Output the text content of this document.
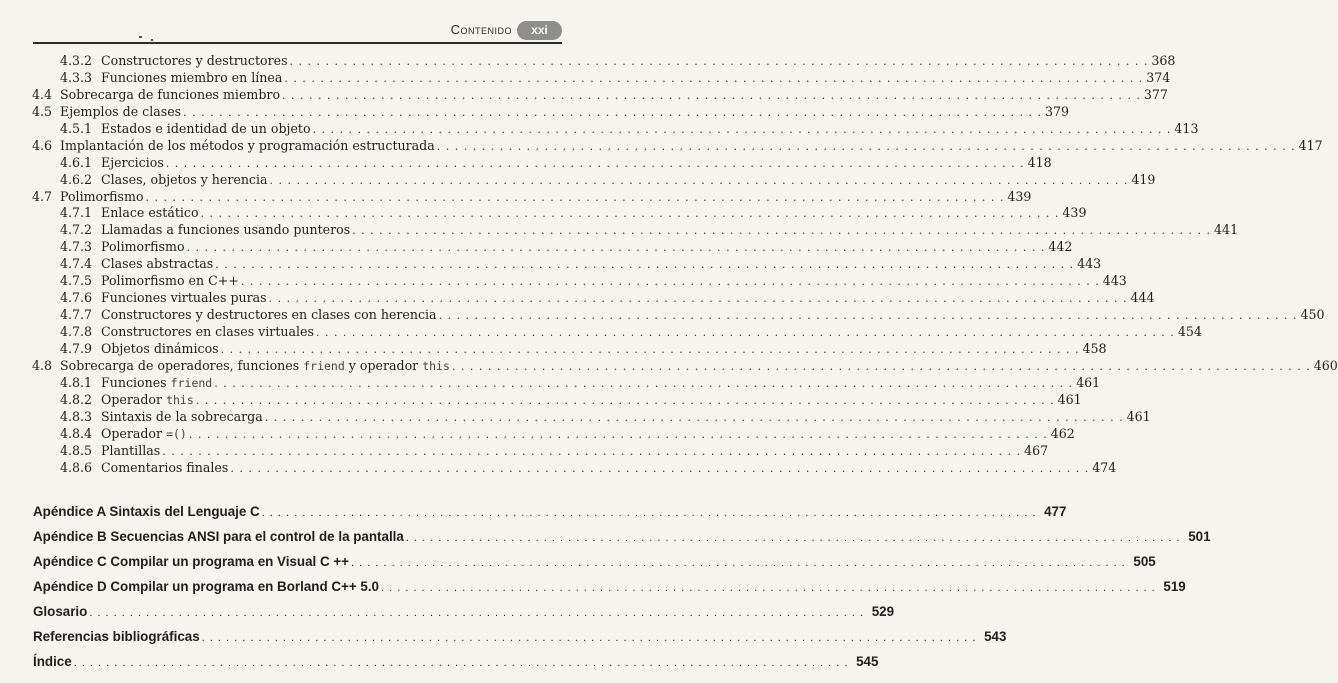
Contenido	xxi
4.3.2 Constructores y destructores . . . . . . . . . . . . . . . . . . . . . . . . . . . . . . . . . . . . . . . . . . . . . . . . . . . . . . . . . . . . . . . . . . . . . . . . . . . . . . . . . . . . . . . . . . . . . . . . 368
4.3.3 Funciones miembro en línea . . . . . . . . . . . . . . . . . . . . . . . . . . . . . . . . . . . . . . . . . . . . . . . . . . . . . . . . . . . . . . . . . . . . . . . . . . . . . . . . . . . . . . . . . . . . . . . . 374
4.4 Sobrecarga de funciones miembro . . . . . . . . . . . . . . . . . . . . . . . . . . . . . . . . . . . . . . . . . . . . . . . . . . . . . . . . . . . . . . . . . . . . . . . . . . . . . . . . . . . . . . . . . . . . . . . . 377
4.5 Ejemplos de clases . . . . . . . . . . . . . . . . . . . . . . . . . . . . . . . . . . . . . . . . . . . . . . . . . . . . . . . . . . . . . . . . . . . . . . . . . . . . . . . . . . . . . . . . . . . . . . . . 379
4.5.1 Estados e identidad de un objeto . . . . . . . . . . . . . . . . . . . . . . . . . . . . . . . . . . . . . . . . . . . . . . . . . . . . . . . . . . . . . . . . . . . . . . . . . . . . . . . . . . . . . . . . . . . . . . . . 413
4.6 Implantación de los métodos y programación estructurada . . . . . . . . . . . . . . . . . . . . . . . . . . . . . . . . . . . . . . . . . . . . . . . . . . . . . . . . . . . . . . . . . . . . . . . . . . . . . . . . . . . . . . . . . . . . . . . . 417
4.6.1 Ejercicios . . . . . . . . . . . . . . . . . . . . . . . . . . . . . . . . . . . . . . . . . . . . . . . . . . . . . . . . . . . . . . . . . . . . . . . . . . . . . . . . . . . . . . . . . . . . . . . . 418
4.6.2 Clases, objetos y herencia . . . . . . . . . . . . . . . . . . . . . . . . . . . . . . . . . . . . . . . . . . . . . . . . . . . . . . . . . . . . . . . . . . . . . . . . . . . . . . . . . . . . . . . . . . . . . . . . 419
4.7 Polimorfismo . . . . . . . . . . . . . . . . . . . . . . . . . . . . . . . . . . . . . . . . . . . . . . . . . . . . . . . . . . . . . . . . . . . . . . . . . . . . . . . . . . . . . . . . . . . . . . . . 439
4.7.1 Enlace estático . . . . . . . . . . . . . . . . . . . . . . . . . . . . . . . . . . . . . . . . . . . . . . . . . . . . . . . . . . . . . . . . . . . . . . . . . . . . . . . . . . . . . . . . . . . . . . . . 439
4.7.2 Llamadas a funciones usando punteros . . . . . . . . . . . . . . . . . . . . . . . . . . . . . . . . . . . . . . . . . . . . . . . . . . . . . . . . . . . . . . . . . . . . . . . . . . . . . . . . . . . . . . . . . . . . . . . . 441
4.7.3 Polimorfismo . . . . . . . . . . . . . . . . . . . . . . . . . . . . . . . . . . . . . . . . . . . . . . . . . . . . . . . . . . . . . . . . . . . . . . . . . . . . . . . . . . . . . . . . . . . . . . . . 442
4.7.4 Clases abstractas . . . . . . . . . . . . . . . . . . . . . . . . . . . . . . . . . . . . . . . . . . . . . . . . . . . . . . . . . . . . . . . . . . . . . . . . . . . . . . . . . . . . . . . . . . . . . . . . 443
4.7.5 Polimorfismo en C++ . . . . . . . . . . . . . . . . . . . . . . . . . . . . . . . . . . . . . . . . . . . . . . . . . . . . . . . . . . . . . . . . . . . . . . . . . . . . . . . . . . . . . . . . . . . . . . . . 443
4.7.6 Funciones virtuales puras . . . . . . . . . . . . . . . . . . . . . . . . . . . . . . . . . . . . . . . . . . . . . . . . . . . . . . . . . . . . . . . . . . . . . . . . . . . . . . . . . . . . . . . . . . . . . . . . 444
4.7.7 Constructores y destructores en clases con herencia . . . . . . . . . . . . . . . . . . . . . . . . . . . . . . . . . . . . . . . . . . . . . . . . . . . . . . . . . . . . . . . . . . . . . . . . . . . . . . . . . . . . . . . . . . . . . . . . 450
4.7.8 Constructores en clases virtuales . . . . . . . . . . . . . . . . . . . . . . . . . . . . . . . . . . . . . . . . . . . . . . . . . . . . . . . . . . . . . . . . . . . . . . . . . . . . . . . . . . . . . . . . . . . . . . . . 454
4.7.9 Objetos dinámicos . . . . . . . . . . . . . . . . . . . . . . . . . . . . . . . . . . . . . . . . . . . . . . . . . . . . . . . . . . . . . . . . . . . . . . . . . . . . . . . . . . . . . . . . . . . . . . . . 458
4.8 Sobrecarga de operadores, funciones friend y operador this . . . . . . . . . . . . . . . . . . . . . . . . . . . . . . . . . . . . . . . . . . . . . . . . . . . . . . . . . . . . . . . . . . . . . . . . . . . . . . . . . . . . . . . . . . . . . . . . 460
4.8.1 Funciones friend . . . . . . . . . . . . . . . . . . . . . . . . . . . . . . . . . . . . . . . . . . . . . . . . . . . . . . . . . . . . . . . . . . . . . . . . . . . . . . . . . . . . . . . . . . . . . . . . 461
4.8.2 Operador this . . . . . . . . . . . . . . . . . . . . . . . . . . . . . . . . . . . . . . . . . . . . . . . . . . . . . . . . . . . . . . . . . . . . . . . . . . . . . . . . . . . . . . . . . . . . . . . . 461
4.8.3 Sintaxis de la sobrecarga . . . . . . . . . . . . . . . . . . . . . . . . . . . . . . . . . . . . . . . . . . . . . . . . . . . . . . . . . . . . . . . . . . . . . . . . . . . . . . . . . . . . . . . . . . . . . . . . 461
4.8.4 Operador =() . . . . . . . . . . . . . . . . . . . . . . . . . . . . . . . . . . . . . . . . . . . . . . . . . . . . . . . . . . . . . . . . . . . . . . . . . . . . . . . . . . . . . . . . . . . . . . . . 462
4.8.5 Plantillas . . . . . . . . . . . . . . . . . . . . . . . . . . . . . . . . . . . . . . . . . . . . . . . . . . . . . . . . . . . . . . . . . . . . . . . . . . . . . . . . . . . . . . . . . . . . . . . . 467
4.8.6 Comentarios finales . . . . . . . . . . . . . . . . . . . . . . . . . . . . . . . . . . . . . . . . . . . . . . . . . . . . . . . . . . . . . . . . . . . . . . . . . . . . . . . . . . . . . . . . . . . . . . . . 474
Apéndice A Sintaxis del Lenguaje C . . . . . . . . . . . . . . . . . . . . . . . . . . . . . . . . . . . . . . . . . . . . . . . . . . . . . . . . . . . . . . . . . . . . . . . . . . . . . . . . . . . . . . . . . . . . . . . . 477
Apéndice B Secuencias ANSI para el control de la pantalla . . . . . . . . . . . . . . . . . . . . . . . . . . . . . . . . . . . . . . . . . . . . . . . . . . . . . . . . . . . . . . . . . . . . . . . . . . . . . . . . . . . . . . . . . . . . . . . . 501
Apéndice C Compilar un programa en Visual C ++ . . . . . . . . . . . . . . . . . . . . . . . . . . . . . . . . . . . . . . . . . . . . . . . . . . . . . . . . . . . . . . . . . . . . . . . . . . . . . . . . . . . . . . . . . . . . . . . . 505
Apéndice D Compilar un programa en Borland C++ 5.0 . . . . . . . . . . . . . . . . . . . . . . . . . . . . . . . . . . . . . . . . . . . . . . . . . . . . . . . . . . . . . . . . . . . . . . . . . . . . . . . . . . . . . . . . . . . . . . . . 519
Glosario . . . . . . . . . . . . . . . . . . . . . . . . . . . . . . . . . . . . . . . . . . . . . . . . . . . . . . . . . . . . . . . . . . . . . . . . . . . . . . . . . . . . . . . . . . . . . . . . 529
Referencias bibliográficas . . . . . . . . . . . . . . . . . . . . . . . . . . . . . . . . . . . . . . . . . . . . . . . . . . . . . . . . . . . . . . . . . . . . . . . . . . . . . . . . . . . . . . . . . . . . . . . . 543
Índice . . . . . . . . . . . . . . . . . . . . . . . . . . . . . . . . . . . . . . . . . . . . . . . . . . . . . . . . . . . . . . . . . . . . . . . . . . . . . . . . . . . . . . . . . . . . . . . . 545
